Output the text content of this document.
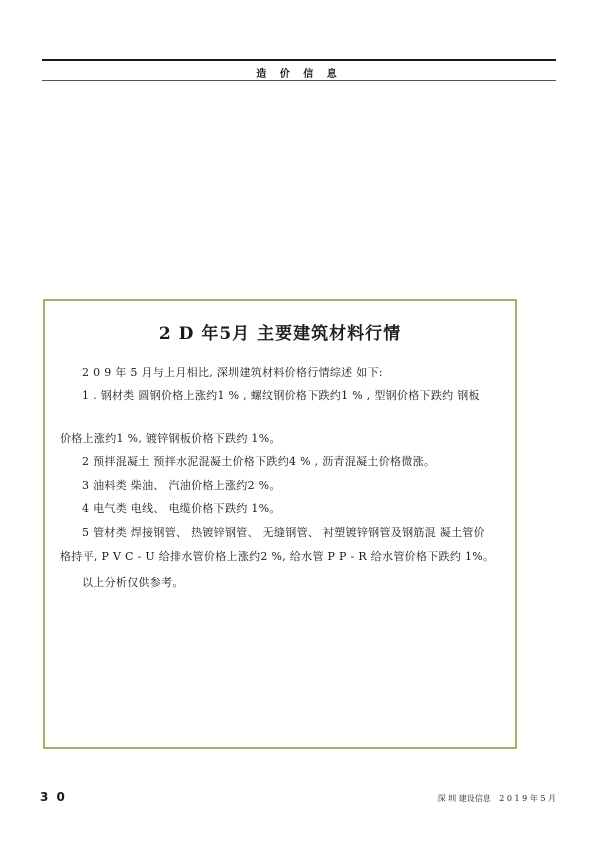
造 价 信 息
2 D 年5月 主要建筑材料行情
2 0 9 年 5 月与上月相比, 深圳建筑材料价格行情综述 如下:
1 . 钢材类 圆钢价格上涨约1 % , 螺纹钢价格下跌约1 % , 型钢价格下跌约 钢板
价格上涨约1 %, 镀锌钢板价格下跌约 1%。
2 预拌混凝土 预拌水泥混凝土价格下跌约4 % , 沥青混凝土价格微涨。
3 油料类 柴油、 汽油价格上涨约2 %。
4 电气类 电线、 电缆价格下跌约 1%。
5 管材类 焊接钢管、 热镀锌钢管、 无缝钢管、 衬塑镀锌钢管及钢筋混 凝土管价
格持平, P V C - U 给排水管价格上涨约2 %, 给水管 P P - R 给水管价格下跌约 1%。
以上分析仅供参考。
3 0	深 圳 建设信息 2 0 1 9 年 5 月
